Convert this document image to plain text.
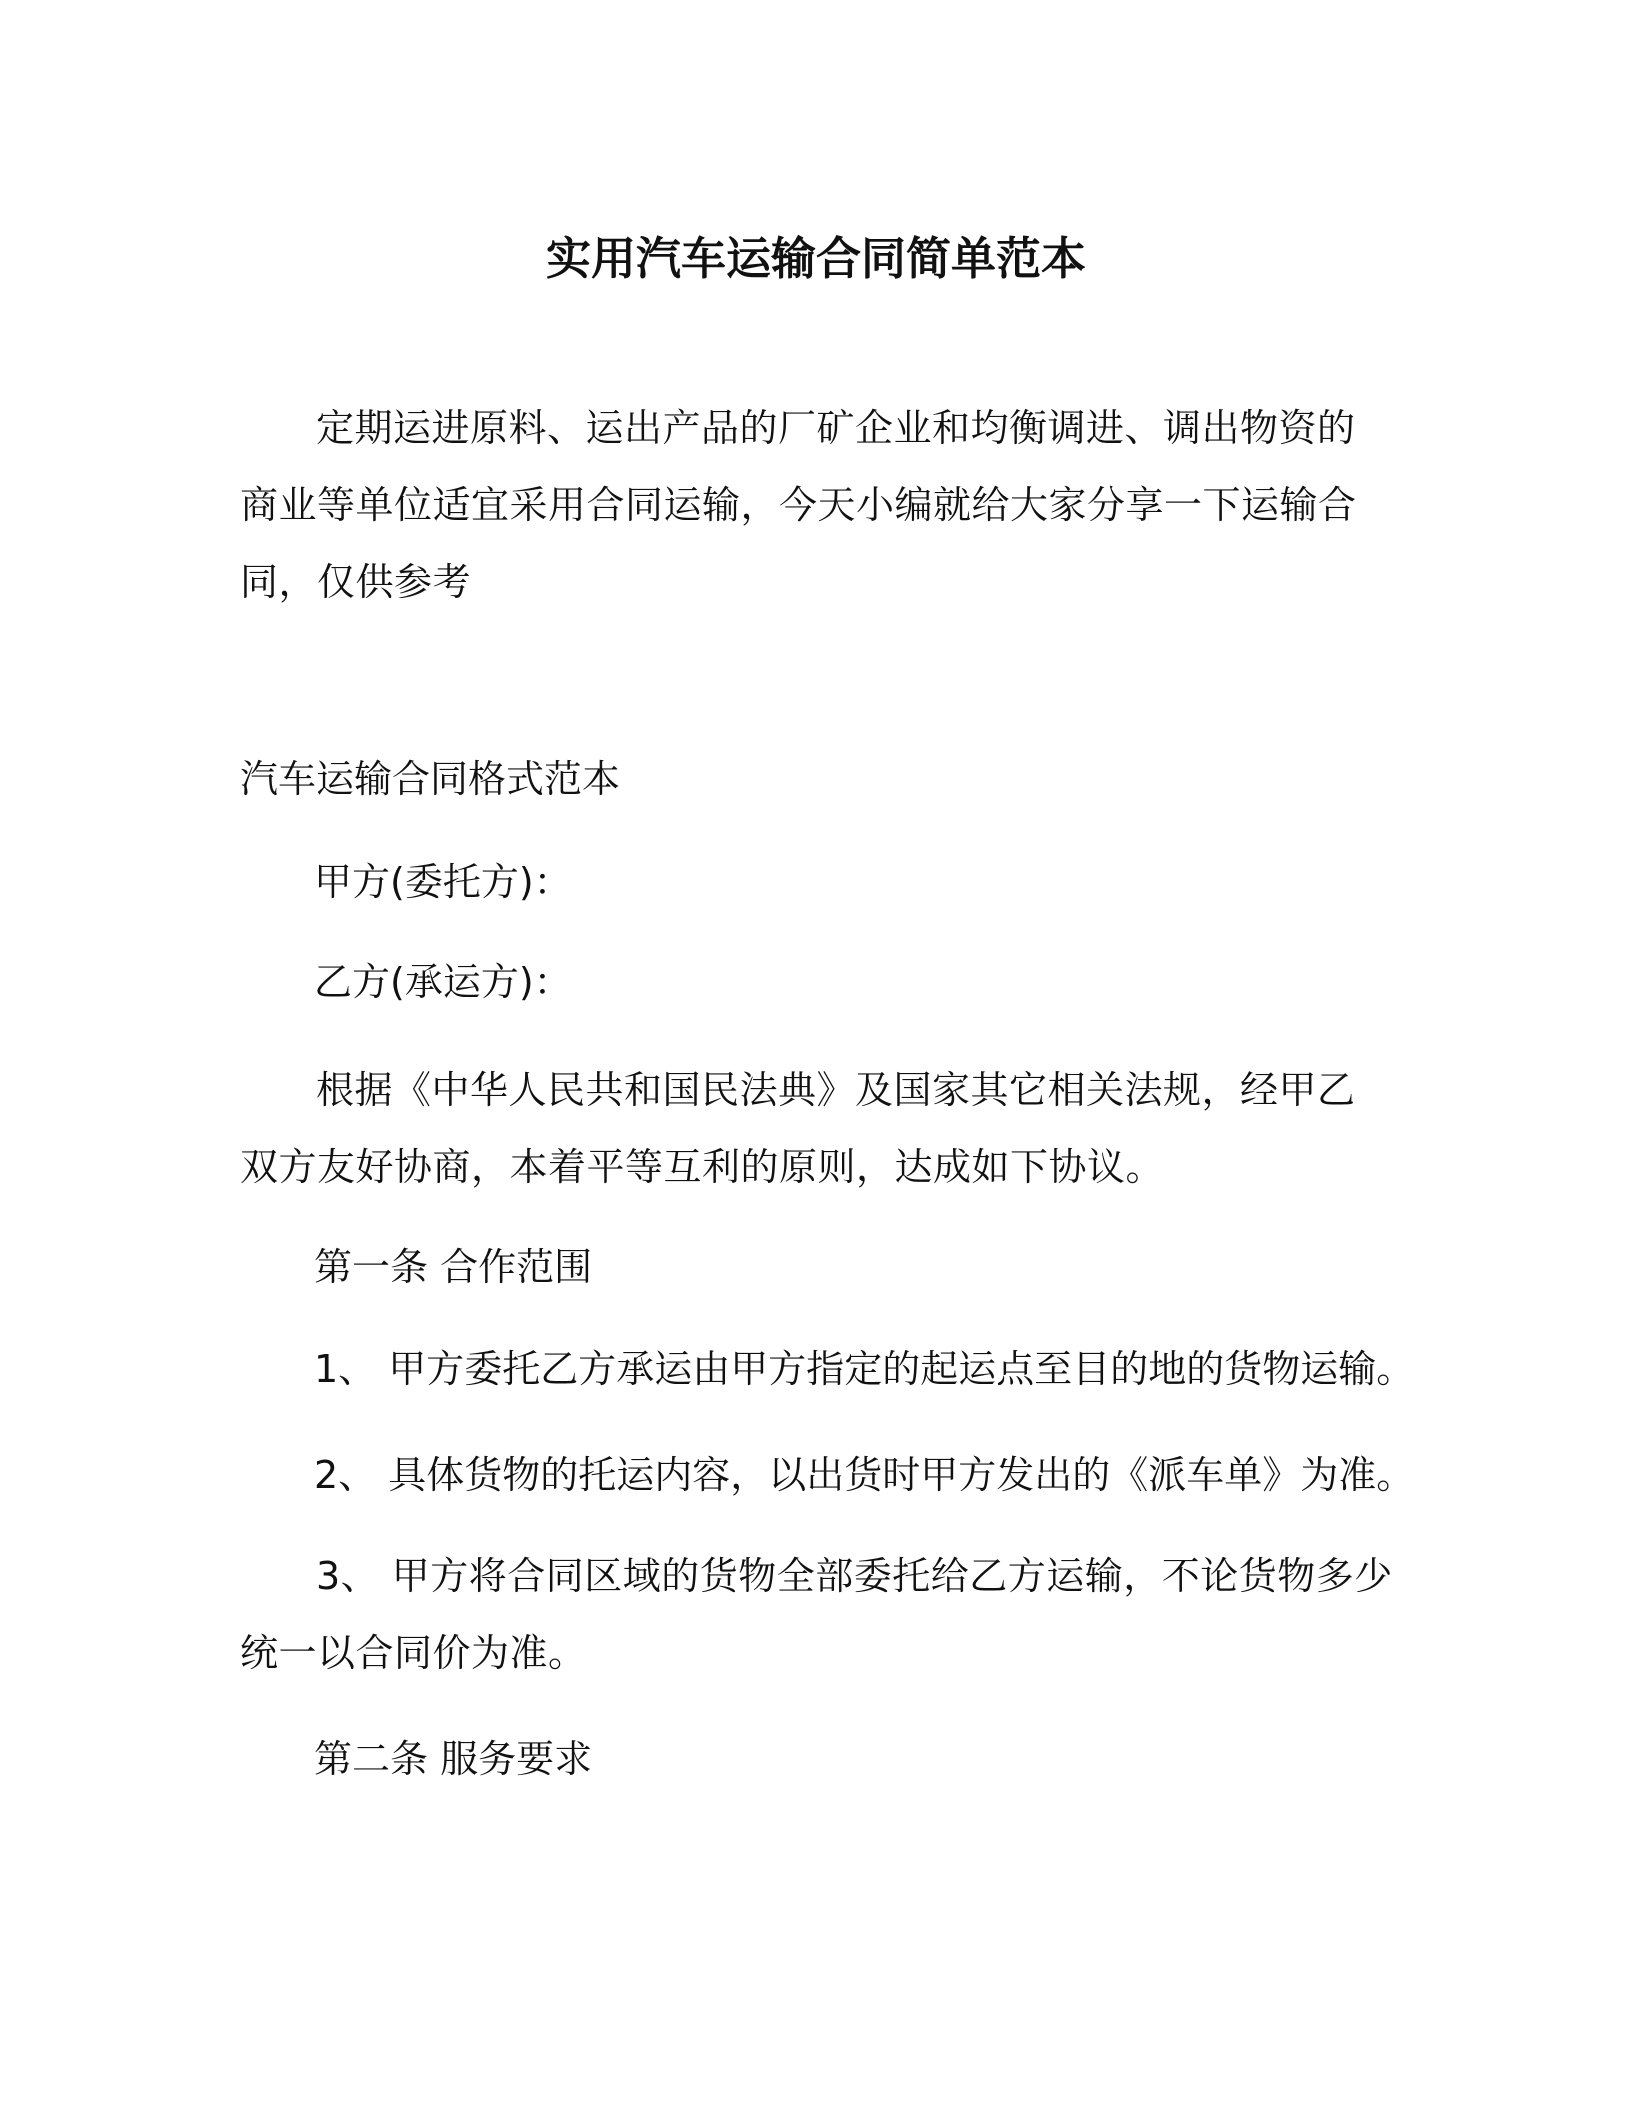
实用汽车运输合同简单范本
定期运进原料、运出产品的厂矿企业和均衡调进、调出物资的商业等单位适宜采用合同运输，今天小编就给大家分享一下运输合同，仅供参考
汽车运输合同格式范本
甲方(委托方)：
乙方(承运方)：
根据《中华人民共和国民法典》及国家其它相关法规，经甲乙双方友好协商，本着平等互利的原则，达成如下协议。
第一条 合作范围
1、 甲方委托乙方承运由甲方指定的起运点至目的地的货物运输。
2、 具体货物的托运内容，以出货时甲方发出的《派车单》为准。
3、 甲方将合同区域的货物全部委托给乙方运输，不论货物多少统一以合同价为准。
第二条 服务要求
